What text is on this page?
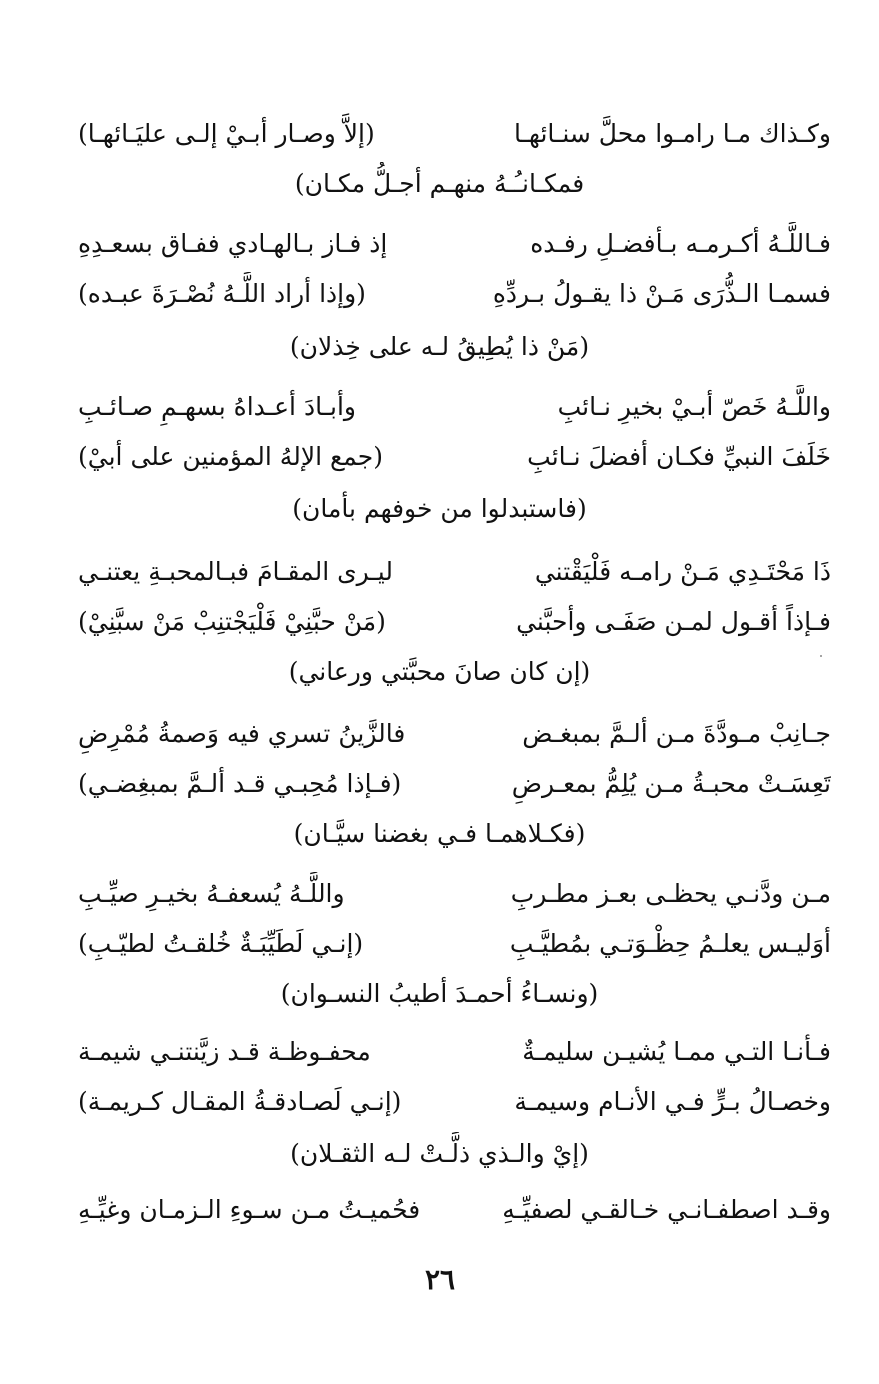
وكـذاك مـا رامـوا محلَّ سنـائهـا
(إلاَّ وصـار أبـيْ إلـى عليَـائهـا)
فمكـانـُـهُ منهـم أجـلُّ مكـان)
فـاللَّـهُ أكـرمـه بـأفضـلِ رفـده
إذ فـاز بـالهـادي ففـاق بسعـدِهِ
فسمـا الـذُّرَى مَـنْ ذا يقـولُ بـردِّهِ
(وإذا أراد اللَّـهُ نُصْـرَةَ عبـده)
(مَنْ ذا يُطِيقُ لـه على خِذلان)
واللَّـهُ خَصّ أبـيْ بخيرِ نـائبِ
وأبـادَ أعـداهُ بسهـمِ صـائـبِ
خَلَفَ النبيِّ فكـان أفضلَ نـائبِ
(جمع الإلهُ المؤمنين على أبيْ)
(فاستبدلوا من خوفهم بأمان)
ذَا مَحْتَـدِي مَـنْ رامـه فَلْيَقْتني
ليـرى المقـامَ فبـالمحبـةِ يعتنـي
فـإذاً أقـول لمـن صَفَـى وأحبَّني
(مَنْ حبَّنِيْ فَلْيَجْتنِبْ مَنْ سبَّنِيْ)
(إن كان صانَ محبَّتي ورعاني)
جـانِبْ مـودَّةَ مـن ألـمَّ بمبغـض
فالزَّينُ تسري فيه وَصمةُ مُمْرِضِ
تَعِسَـتْ محبـةُ مـن يُلِمُّ بمعـرضِ
(فـإذا مُحِبـي قـد ألـمَّ بمبغِضـي)
(فكـلاهمـا فـي بغضنا سيَّـان)
مـن ودَّنـي يحظـى بعـز مطـربِ
واللَّـهُ يُسعفـهُ بخيـرِ صيِّـبِ
أوَليـس يعلـمُ حِظْـوَتـي بمُطيَّـبِ
(إنـي لَطَيِّبَـةٌ خُلقـتُ لطيّـبِ)
(ونسـاءُ أحمـدَ أطيبُ النسـوان)
فـأنـا التـي ممـا يُشيـن سليمـةٌ
محفـوظـة قـد زيَّنتنـي شيمـة
وخصـالُ بـرٍّ فـي الأنـام وسيمـة
(إنـي لَصـادقـةُ المقـال كـريمـة)
(إيْ والـذي ذلَّـتْ لـه الثقـلان)
وقـد اصطفـانـي خـالقـي لصفيِّـهِ
فحُميـتُ مـن سـوءِ الـزمـان وغيِّـهِ
٢٦
